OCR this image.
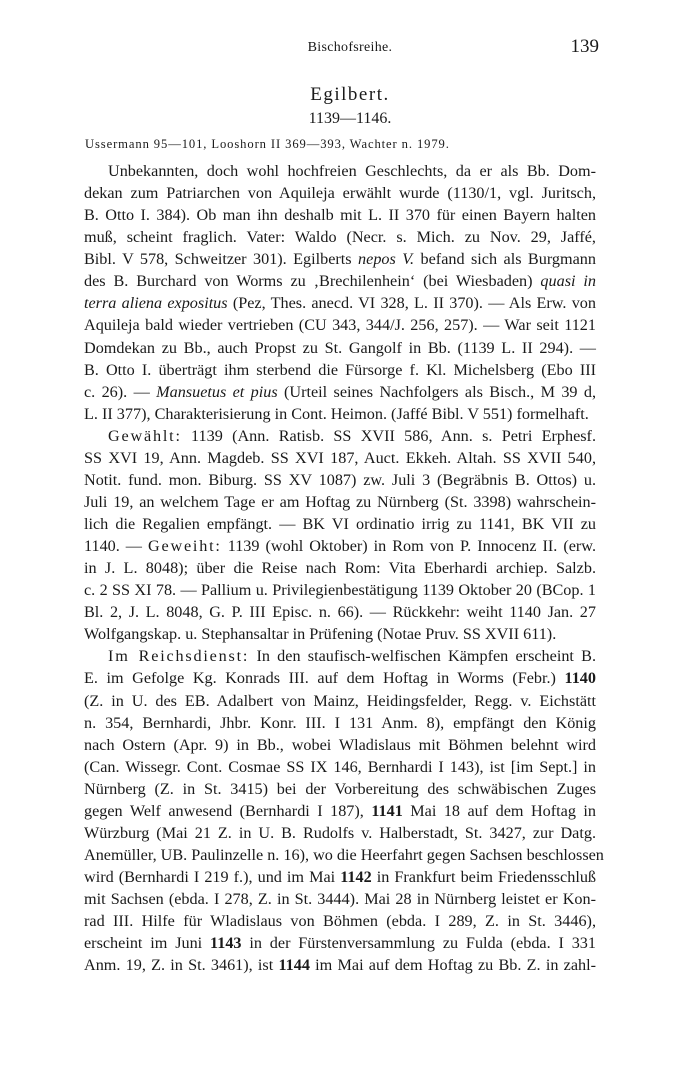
Bischofsreihe.	139
Egilbert.
1139—1146.
Ussermann 95—101, Looshorn II 369—393, Wachter n. 1979.
Unbekannten, doch wohl hochfreien Geschlechts, da er als Bb. Dom-
dekan zum Patriarchen von Aquileja erwählt wurde (1130/1, vgl. Juritsch,
B. Otto I. 384). Ob man ihn deshalb mit L. II 370 für einen Bayern halten
muß, scheint fraglich. Vater: Waldo (Necr. s. Mich. zu Nov. 29, Jaffé,
Bibl. V 578, Schweitzer 301). Egilberts nepos V. befand sich als Burgmann
des B. Burchard von Worms zu ‚Brechilenhein‘ (bei Wiesbaden) quasi in
terra aliena expositus (Pez, Thes. anecd. VI 328, L. II 370). — Als Erw. von
Aquileja bald wieder vertrieben (CU 343, 344/J. 256, 257). — War seit 1121
Domdekan zu Bb., auch Propst zu St. Gangolf in Bb. (1139 L. II 294). —
B. Otto I. überträgt ihm sterbend die Fürsorge f. Kl. Michelsberg (Ebo III
c. 26). — Mansuetus et pius (Urteil seines Nachfolgers als Bisch., M 39 d,
L. II 377), Charakterisierung in Cont. Heimon. (Jaffé Bibl. V 551) formelhaft.
Gewählt: 1139 (Ann. Ratisb. SS XVII 586, Ann. s. Petri Erphesf.
SS XVI 19, Ann. Magdeb. SS XVI 187, Auct. Ekkeh. Altah. SS XVII 540,
Notit. fund. mon. Biburg. SS XV 1087) zw. Juli 3 (Begräbnis B. Ottos) u.
Juli 19, an welchem Tage er am Hoftag zu Nürnberg (St. 3398) wahrschein-
lich die Regalien empfängt. — BK VI ordinatio irrig zu 1141, BK VII zu
1140. — Geweiht: 1139 (wohl Oktober) in Rom von P. Innocenz II. (erw.
in J. L. 8048); über die Reise nach Rom: Vita Eberhardi archiep. Salzb.
c. 2 SS XI 78. — Pallium u. Privilegienbestätigung 1139 Oktober 20 (BCop. 1
Bl. 2, J. L. 8048, G. P. III Episc. n. 66). — Rückkehr: weiht 1140 Jan. 27
Wolfgangskap. u. Stephansaltar in Prüfening (Notae Pruv. SS XVII 611).
Im Reichsdienst: In den staufisch-welfischen Kämpfen erscheint B.
E. im Gefolge Kg. Konrads III. auf dem Hoftag in Worms (Febr.) 1140
(Z. in U. des EB. Adalbert von Mainz, Heidingsfelder, Regg. v. Eichstätt
n. 354, Bernhardi, Jhbr. Konr. III. I 131 Anm. 8), empfängt den König
nach Ostern (Apr. 9) in Bb., wobei Wladislaus mit Böhmen belehnt wird
(Can. Wissegr. Cont. Cosmae SS IX 146, Bernhardi I 143), ist [im Sept.] in
Nürnberg (Z. in St. 3415) bei der Vorbereitung des schwäbischen Zuges
gegen Welf anwesend (Bernhardi I 187), 1141 Mai 18 auf dem Hoftag in
Würzburg (Mai 21 Z. in U. B. Rudolfs v. Halberstadt, St. 3427, zur Datg.
Anemüller, UB. Paulinzelle n. 16), wo die Heerfahrt gegen Sachsen beschlossen
wird (Bernhardi I 219 f.), und im Mai 1142 in Frankfurt beim Friedensschluß
mit Sachsen (ebda. I 278, Z. in St. 3444). Mai 28 in Nürnberg leistet er Kon-
rad III. Hilfe für Wladislaus von Böhmen (ebda. I 289, Z. in St. 3446),
erscheint im Juni 1143 in der Fürstenversammlung zu Fulda (ebda. I 331
Anm. 19, Z. in St. 3461), ist 1144 im Mai auf dem Hoftag zu Bb. Z. in zahl-
